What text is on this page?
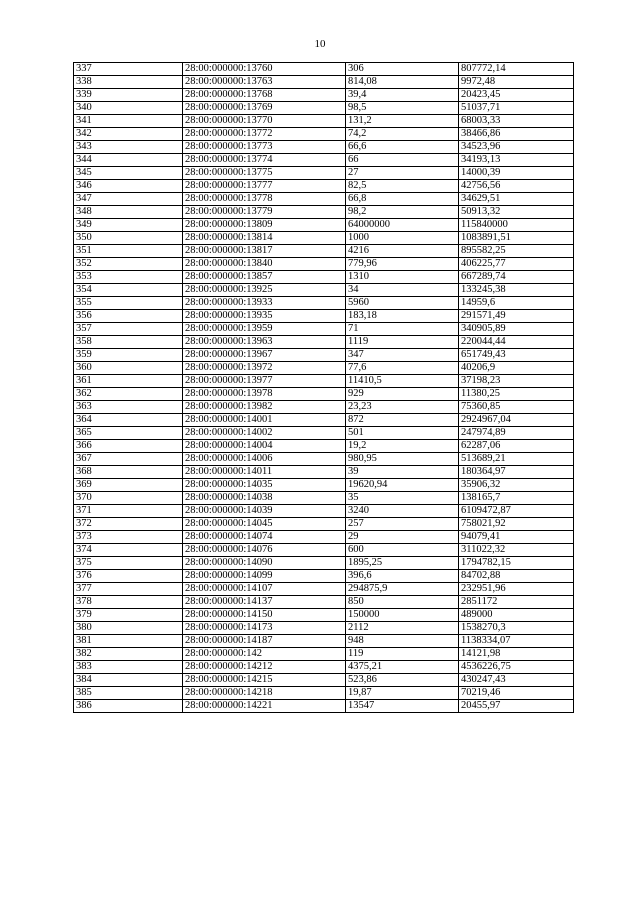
10
337	28:00:000000:13760	306	807772,14
338	28:00:000000:13763	814,08	9972,48
339	28:00:000000:13768	39,4	20423,45
340	28:00:000000:13769	98,5	51037,71
341	28:00:000000:13770	131,2	68003,33
342	28:00:000000:13772	74,2	38466,86
343	28:00:000000:13773	66,6	34523,96
344	28:00:000000:13774	66	34193,13
345	28:00:000000:13775	27	14000,39
346	28:00:000000:13777	82,5	42756,56
347	28:00:000000:13778	66,8	34629,51
348	28:00:000000:13779	98,2	50913,32
349	28:00:000000:13809	64000000	115840000
350	28:00:000000:13814	1000	1083891,51
351	28:00:000000:13817	4216	895582,25
352	28:00:000000:13840	779,96	406225,77
353	28:00:000000:13857	1310	667289,74
354	28:00:000000:13925	34	133245,38
355	28:00:000000:13933	5960	14959,6
356	28:00:000000:13935	183,18	291571,49
357	28:00:000000:13959	71	340905,89
358	28:00:000000:13963	1119	220044,44
359	28:00:000000:13967	347	651749,43
360	28:00:000000:13972	77,6	40206,9
361	28:00:000000:13977	11410,5	37198,23
362	28:00:000000:13978	929	11380,25
363	28:00:000000:13982	23,23	75360,85
364	28:00:000000:14001	872	2924967,04
365	28:00:000000:14002	501	247974,89
366	28:00:000000:14004	19,2	62287,06
367	28:00:000000:14006	980,95	513689,21
368	28:00:000000:14011	39	180364,97
369	28:00:000000:14035	19620,94	35906,32
370	28:00:000000:14038	35	138165,7
371	28:00:000000:14039	3240	6109472,87
372	28:00:000000:14045	257	758021,92
373	28:00:000000:14074	29	94079,41
374	28:00:000000:14076	600	311022,32
375	28:00:000000:14090	1895,25	1794782,15
376	28:00:000000:14099	396,6	84702,88
377	28:00:000000:14107	294875,9	232951,96
378	28:00:000000:14137	850	2851172
379	28:00:000000:14150	150000	489000
380	28:00:000000:14173	2112	1538270,3
381	28:00:000000:14187	948	1138334,07
382	28:00:000000:142	119	14121,98
383	28:00:000000:14212	4375,21	4536226,75
384	28:00:000000:14215	523,86	430247,43
385	28:00:000000:14218	19,87	70219,46
386	28:00:000000:14221	13547	20455,97
